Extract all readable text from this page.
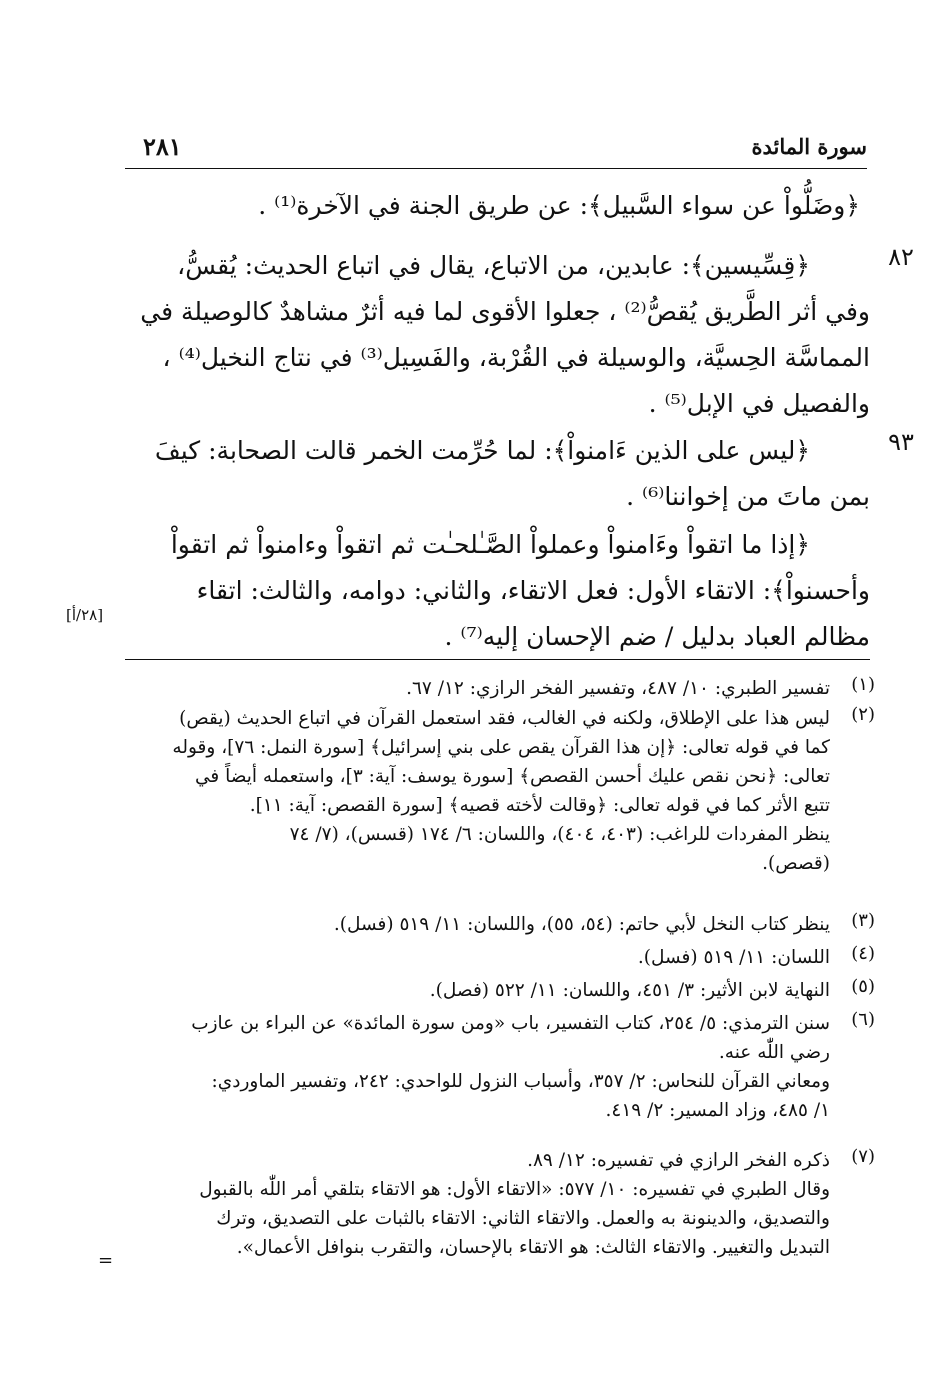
سورة المائدة
٢٨١

﴿وضَلُّواْ عن سواء السَّبيل﴾: عن طريق الجنة في الآخرة⁽¹⁾ .

٨٢

﴿قِسِّيسين﴾: عابدين، من الاتباع، يقال في اتباع الحديث: يُقسُّ،

وفي أثر الطَّريق يُقصُّ⁽²⁾ ، جعلوا الأقوى لما فيه أثرٌ مشاهدٌ كالوصيلة في

المماسَّة الحِسيَّة، والوسيلة في القُرْبة، والفَسِيل⁽³⁾ في نتاج النخيل⁽⁴⁾ ،

والفصيل في الإبل⁽⁵⁾ .

٩٣

﴿ليس على الذين ءَامنواْ﴾: لما حُرِّمت الخمر قالت الصحابة: كيفَ

بمن ماتَ من إخواننا⁽⁶⁾ .

﴿إذا ما اتقواْ وءَامنواْ وعملواْ الصَّـٰلحـٰت ثم اتقواْ وءامنواْ ثم اتقواْ

وأحسنواْ﴾: الاتقاء الأول: فعل الاتقاء، والثاني: دوامه، والثالث: اتقاء

مظالم العباد بدليل / ضم الإحسان إليه⁽⁷⁾ .

[٢٨/أ]
(١)

تفسير الطبري: ١٠/ ٤٨٧، وتفسير الفخر الرازي: ١٢/ ٦٧.

(٢)

ليس هذا على الإطلاق، ولكنه في الغالب، فقد استعمل القرآن في اتباع الحديث (يقص)

كما في قوله تعالى: ﴿إن هذا القرآن يقص على بني إسرائيل﴾ [سورة النمل: ٧٦]، وقوله

تعالى: ﴿نحن نقص عليك أحسن القصص﴾ [سورة يوسف: آية: ٣]، واستعمله أيضاً في

تتبع الأثر كما في قوله تعالى: ﴿وقالت لأخته قصيه﴾ [سورة القصص: آية: ١١].

ينظر المفردات للراغب: (٤٠٣، ٤٠٤)، واللسان: ٦/ ١٧٤ (قسس)، (٧/ ٧٤

(قصص).

(٣)

ينظر كتاب النخل لأبي حاتم: (٥٤، ٥٥)، واللسان: ١١/ ٥١٩ (فسل).

(٤)

اللسان: ١١/ ٥١٩ (فسل).

(٥)

النهاية لابن الأثير: ٣/ ٤٥١، واللسان: ١١/ ٥٢٢ (فصل).

(٦)

سنن الترمذي: ٥/ ٢٥٤، كتاب التفسير، باب «ومن سورة المائدة» عن البراء بن عازب

رضي اللّٰه عنه.

ومعاني القرآن للنحاس: ٢/ ٣٥٧، وأسباب النزول للواحدي: ٢٤٢، وتفسير الماوردي:

١/ ٤٨٥، وزاد المسير: ٢/ ٤١٩.

(٧)

ذكره الفخر الرازي في تفسيره: ١٢/ ٨٩.

وقال الطبري في تفسيره: ١٠/ ٥٧٧: «الاتقاء الأول: هو الاتقاء بتلقي أمر اللّٰه بالقبول

والتصديق، والدينونة به والعمل. والاتقاء الثاني: الاتقاء بالثبات على التصديق، وترك

التبديل والتغيير. والاتقاء الثالث: هو الاتقاء بالإحسان، والتقرب بنوافل الأعمال».

=
